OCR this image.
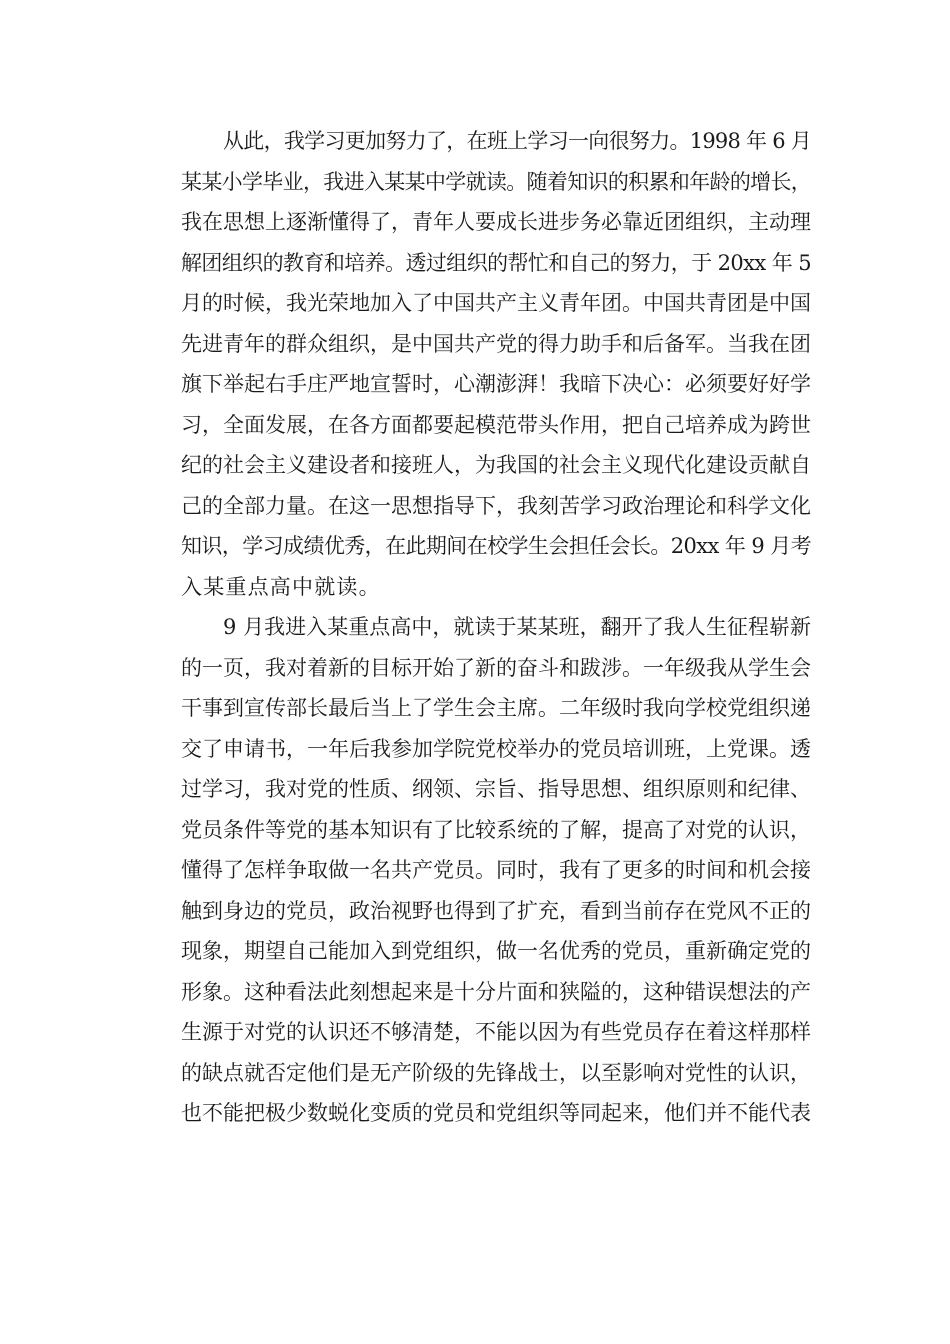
从此，我学习更加努力了，在班上学习一向很努力。1998 年 6 月
某某小学毕业，我进入某某中学就读。随着知识的积累和年龄的增长，
我在思想上逐渐懂得了，青年人要成长进步务必靠近团组织，主动理
解团组织的教育和培养。透过组织的帮忙和自己的努力，于 20xx 年 5
月的时候，我光荣地加入了中国共产主义青年团。中国共青团是中国
先进青年的群众组织，是中国共产党的得力助手和后备军。当我在团
旗下举起右手庄严地宣誓时，心潮澎湃！我暗下决心：必须要好好学
习，全面发展，在各方面都要起模范带头作用，把自己培养成为跨世
纪的社会主义建设者和接班人，为我国的社会主义现代化建设贡献自
己的全部力量。在这一思想指导下，我刻苦学习政治理论和科学文化
知识，学习成绩优秀，在此期间在校学生会担任会长。20xx 年 9 月考
入某重点高中就读。
9 月我进入某重点高中，就读于某某班，翻开了我人生征程崭新
的一页，我对着新的目标开始了新的奋斗和跋涉。一年级我从学生会
干事到宣传部长最后当上了学生会主席。二年级时我向学校党组织递
交了申请书，一年后我参加学院党校举办的党员培训班，上党课。透
过学习，我对党的性质、纲领、宗旨、指导思想、组织原则和纪律、
党员条件等党的基本知识有了比较系统的了解，提高了对党的认识，
懂得了怎样争取做一名共产党员。同时，我有了更多的时间和机会接
触到身边的党员，政治视野也得到了扩充，看到当前存在党风不正的
现象，期望自己能加入到党组织，做一名优秀的党员，重新确定党的
形象。这种看法此刻想起来是十分片面和狭隘的，这种错误想法的产
生源于对党的认识还不够清楚，不能以因为有些党员存在着这样那样
的缺点就否定他们是无产阶级的先锋战士，以至影响对党性的认识，
也不能把极少数蜕化变质的党员和党组织等同起来，他们并不能代表
